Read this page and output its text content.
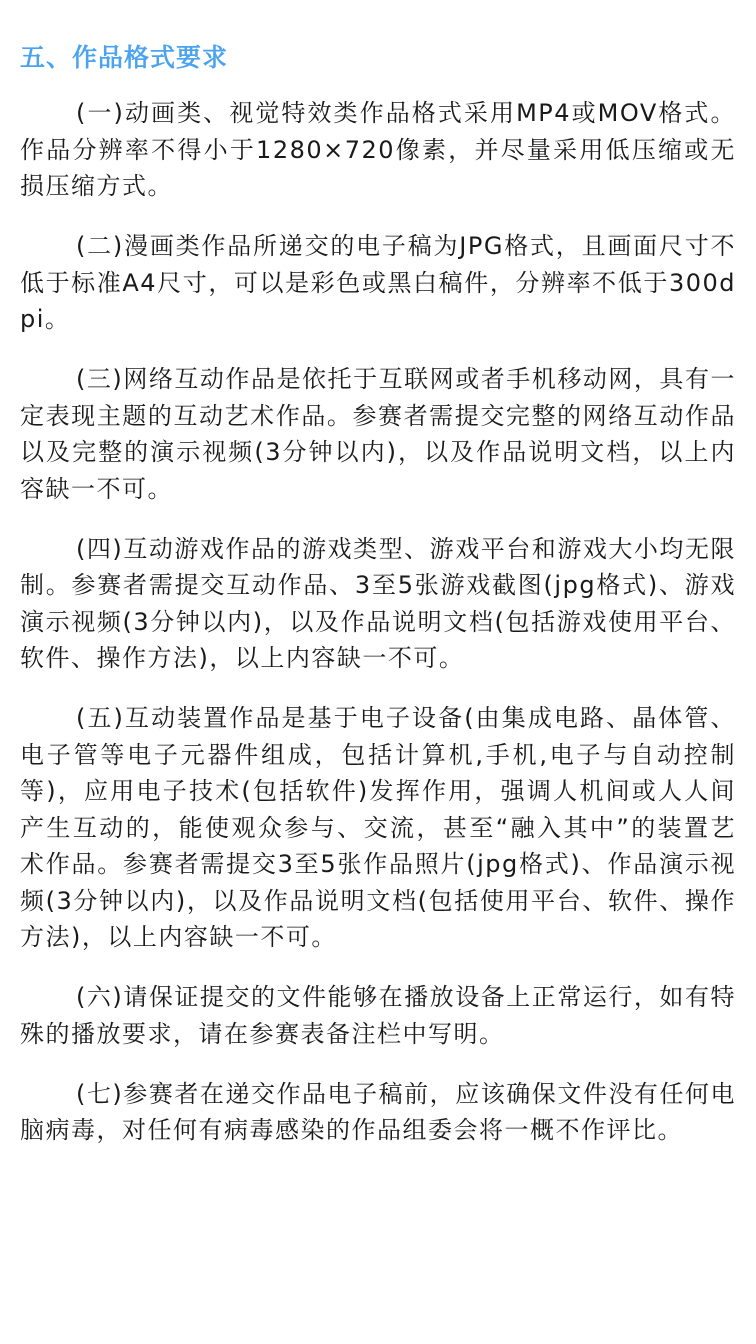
五、作品格式要求

(一)动画类、视觉特效类作品格式采用MP4或MOV格式。作品分辨率不得小于1280×720像素，并尽量采用低压缩或无损压缩方式。

(二)漫画类作品所递交的电子稿为JPG格式，且画面尺寸不低于标准A4尺寸，可以是彩色或黑白稿件，分辨率不低于300dpi。

(三)网络互动作品是依托于互联网或者手机移动网，具有一定表现主题的互动艺术作品。参赛者需提交完整的网络互动作品以及完整的演示视频(3分钟以内)，以及作品说明文档，以上内容缺一不可。

(四)互动游戏作品的游戏类型、游戏平台和游戏大小均无限制。参赛者需提交互动作品、3至5张游戏截图(jpg格式)、游戏演示视频(3分钟以内)，以及作品说明文档(包括游戏使用平台、软件、操作方法)，以上内容缺一不可。

(五)互动装置作品是基于电子设备(由集成电路、晶体管、电子管等电子元器件组成，包括计算机,手机,电子与自动控制等)，应用电子技术(包括软件)发挥作用，强调人机间或人人间产生互动的，能使观众参与、交流，甚至“融入其中”的装置艺术作品。参赛者需提交3至5张作品照片(jpg格式)、作品演示视频(3分钟以内)，以及作品说明文档(包括使用平台、软件、操作方法)，以上内容缺一不可。

(六)请保证提交的文件能够在播放设备上正常运行，如有特殊的播放要求，请在参赛表备注栏中写明。

(七)参赛者在递交作品电子稿前，应该确保文件没有任何电脑病毒，对任何有病毒感染的作品组委会将一概不作评比。
